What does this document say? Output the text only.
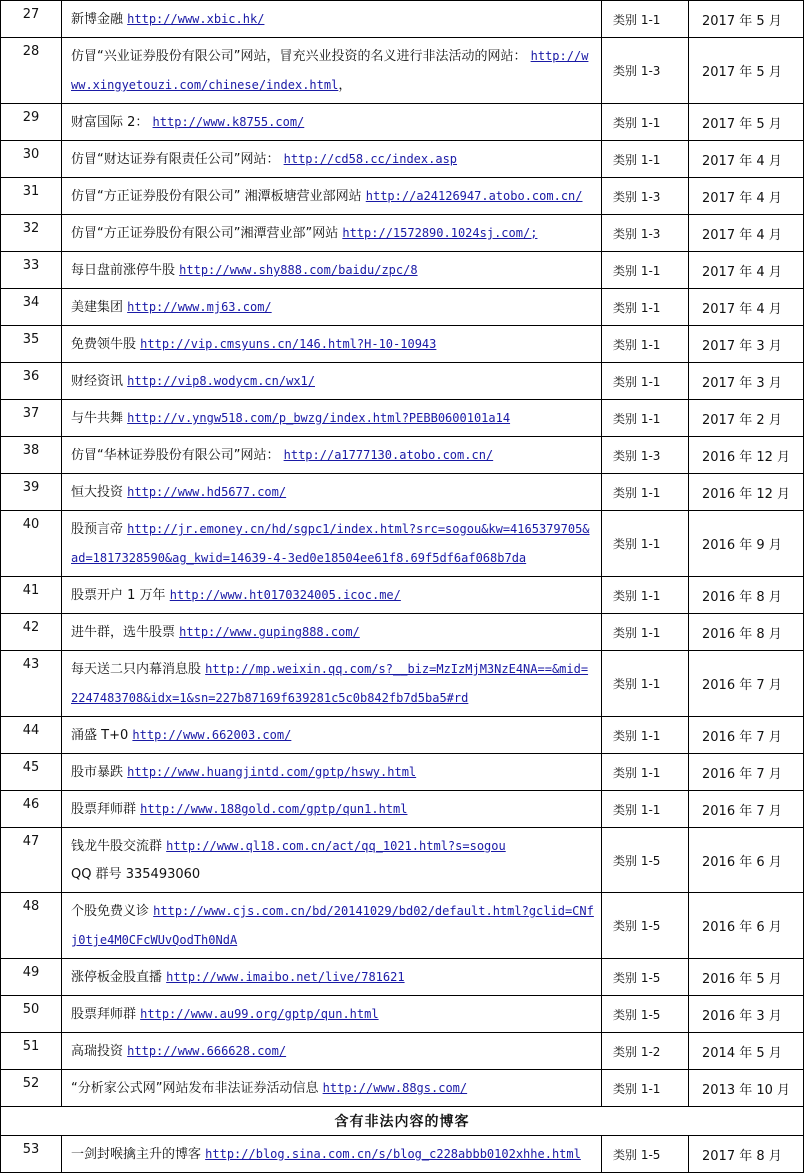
27	新博金融 http://www.xbic.hk/	类别 1-1	2017 年 5 月
28	仿冒“兴业证券股份有限公司”网站，冒充兴业投资的名义进行非法活动的网站： http://www.xingyetouzi.com/chinese/index.html，	类别 1-3	2017 年 5 月
29	财富国际 2： http://www.k8755.com/	类别 1-1	2017 年 5 月
30	仿冒“财达证券有限责任公司”网站： http://cd58.cc/index.asp	类别 1-1	2017 年 4 月
31	仿冒“方正证券股份有限公司” 湘潭板塘营业部网站 http://a24126947.atobo.com.cn/	类别 1-3	2017 年 4 月
32	仿冒“方正证券股份有限公司”湘潭营业部”网站 http://1572890.1024sj.com/;	类别 1-3	2017 年 4 月
33	每日盘前涨停牛股 http://www.shy888.com/baidu/zpc/8	类别 1-1	2017 年 4 月
34	美建集团 http://www.mj63.com/	类别 1-1	2017 年 4 月
35	免费领牛股 http://vip.cmsyuns.cn/146.html?H-10-10943	类别 1-1	2017 年 3 月
36	财经资讯 http://vip8.wodycm.cn/wx1/	类别 1-1	2017 年 3 月
37	与牛共舞 http://v.yngw518.com/p_bwzg/index.html?PEBB0600101a14	类别 1-1	2017 年 2 月
38	仿冒“华林证券股份有限公司”网站： http://a1777130.atobo.com.cn/	类别 1-3	2016 年 12 月
39	恒大投资 http://www.hd5677.com/	类别 1-1	2016 年 12 月
40	股预言帝 http://jr.emoney.cn/hd/sgpc1/index.html?src=sogou&kw=4165379705&ad=1817328590&ag_kwid=14639-4-3ed0e18504ee61f8.69f5df6af068b7da	类别 1-1	2016 年 9 月
41	股票开户 1 万年 http://www.ht0170324005.icoc.me/	类别 1-1	2016 年 8 月
42	进牛群，选牛股票 http://www.guping888.com/	类别 1-1	2016 年 8 月
43	每天送二只内幕消息股 http://mp.weixin.qq.com/s?__biz=MzIzMjM3NzE4NA==&mid=2247483708&idx=1&sn=227b87169f639281c5c0b842fb7d5ba5#rd	类别 1-1	2016 年 7 月
44	涌盛 T+0 http://www.662003.com/	类别 1-1	2016 年 7 月
45	股市暴跌 http://www.huangjintd.com/gptp/hswy.html	类别 1-1	2016 年 7 月
46	股票拜师群 http://www.188gold.com/gptp/qun1.html	类别 1-1	2016 年 7 月
47	钱龙牛股交流群 http://www.ql18.com.cn/act/qq_1021.html?s=sogou
QQ 群号 335493060	类别 1-5	2016 年 6 月
48	个股免费义诊 http://www.cjs.com.cn/bd/20141029/bd02/default.html?gclid=CNfj0tje4M0CFcWUvQodTh0NdA	类别 1-5	2016 年 6 月
49	涨停板金股直播 http://www.imaibo.net/live/781621	类别 1-5	2016 年 5 月
50	股票拜师群 http://www.au99.org/gptp/qun.html	类别 1-5	2016 年 3 月
51	高瑞投资 http://www.666628.com/	类别 1-2	2014 年 5 月
52	“分析家公式网”网站发布非法证券活动信息 http://www.88gs.com/	类别 1-1	2013 年 10 月
含有非法内容的博客			
53	一剑封喉擒主升的博客 http://blog.sina.com.cn/s/blog_c228abbb0102xhhe.html	类别 1-5	2017 年 8 月
